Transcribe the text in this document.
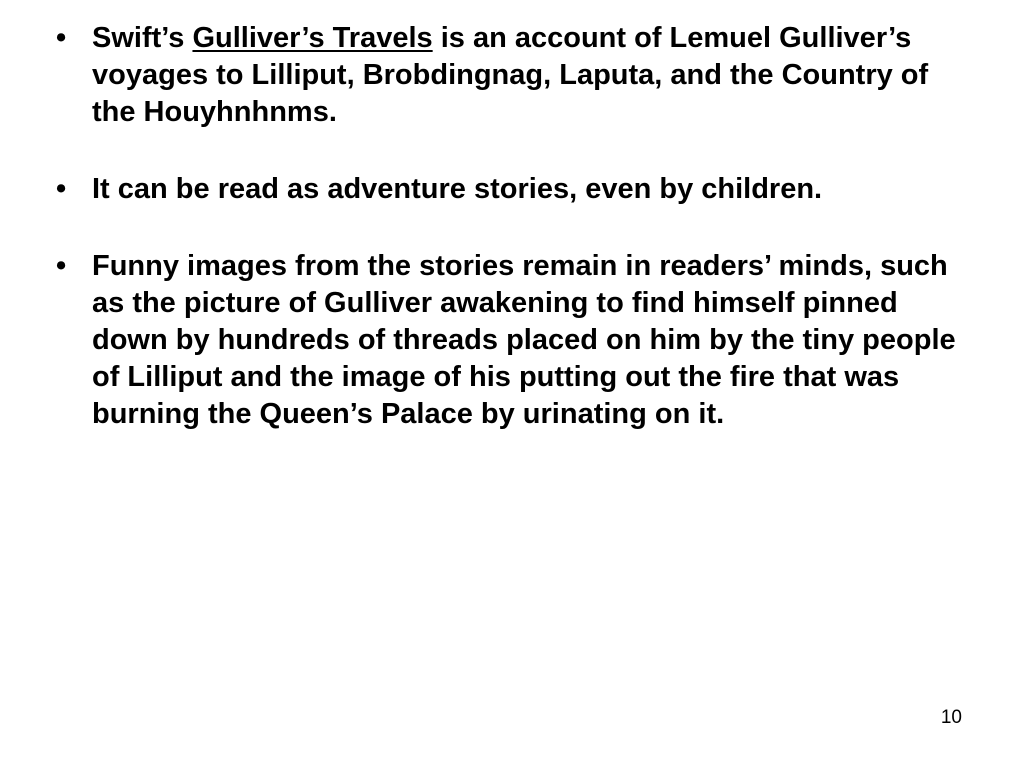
• Swift’s Gulliver’s Travels is an account of Lemuel Gulliver’s voyages to Lilliput, Brobdingnag, Laputa, and the Country of the Houyhnhnms.
• It can be read as adventure stories, even by children.
• Funny images from the stories remain in readers’ minds, such as the picture of Gulliver awakening to find himself pinned down by hundreds of threads placed on him by the tiny people of Lilliput and the image of his putting out the fire that was burning the Queen’s Palace by urinating on it.
10
